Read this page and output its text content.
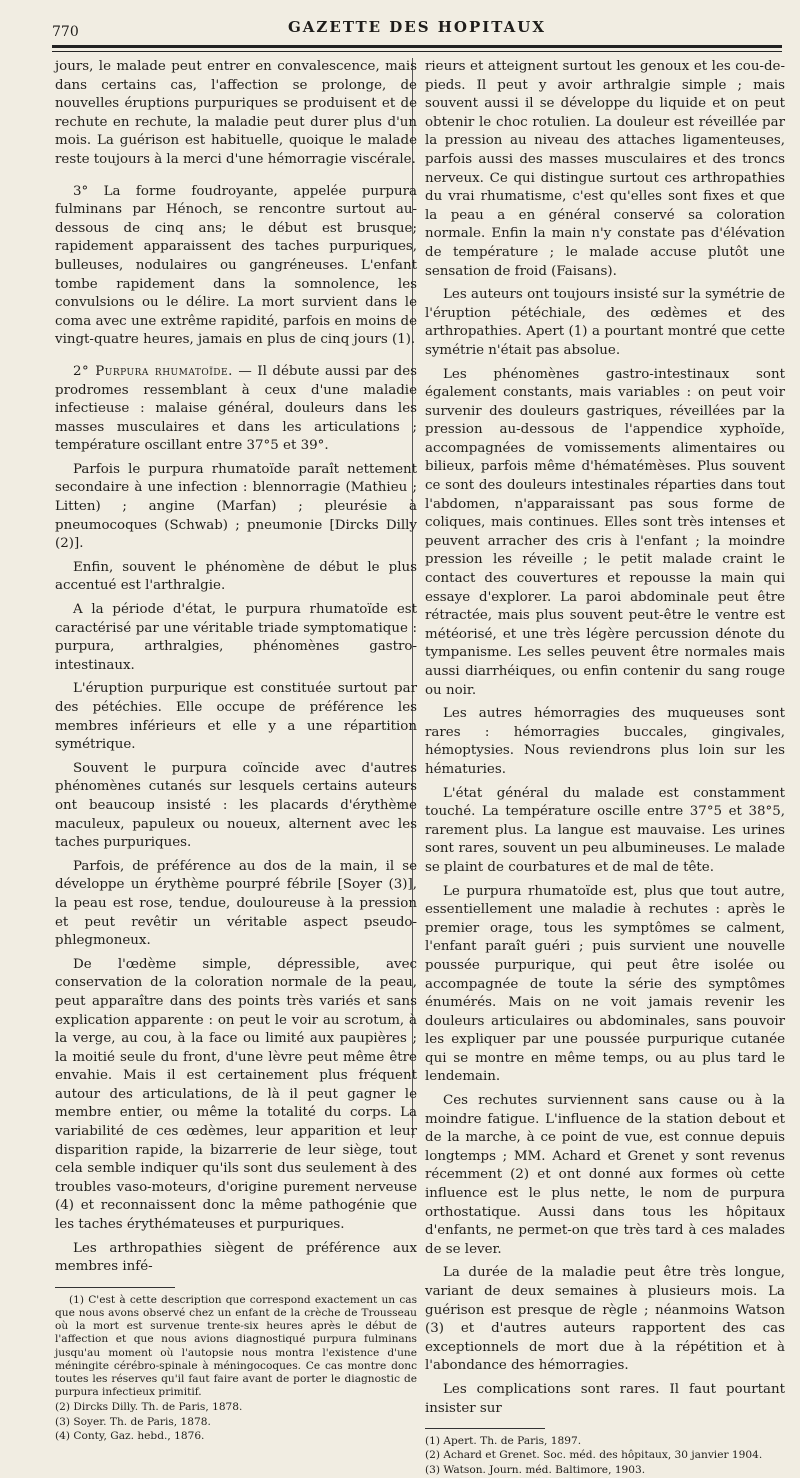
770	GAZETTE DES HOPITAUX

jours, le malade peut entrer en convalescence, mais dans certains cas, l'affection se prolonge, de nouvelles éruptions purpuriques se produisent et de rechute en rechute, la maladie peut durer plus d'un mois. La guérison est habituelle, quoique le malade reste toujours à la merci d'une hémorragie viscérale.

3° La forme foudroyante, appelée purpura fulminans par Hénoch, se rencontre surtout au-dessous de cinq ans; le début est brusque; rapidement apparaissent des taches purpuriques, bulleuses, nodulaires ou gangréneuses. L'enfant tombe rapidement dans la somnolence, les convulsions ou le délire. La mort survient dans le coma avec une extrême rapidité, parfois en moins de vingt-quatre heures, jamais en plus de cinq jours (1).

2° Purpura rhumatoïde. — Il débute aussi par des prodromes ressemblant à ceux d'une maladie infectieuse : malaise général, douleurs dans les masses musculaires et dans les articulations ; température oscillant entre 37°5 et 39°.

Parfois le purpura rhumatoïde paraît nettement secondaire à une infection : blennorragie (Mathieu ; Litten) ; angine (Marfan) ; pleurésie à pneumocoques (Schwab) ; pneumonie [Dircks Dilly (2)].

Enfin, souvent le phénomène de début le plus accentué est l'arthralgie.

A la période d'état, le purpura rhumatoïde est caractérisé par une véritable triade symptomatique : purpura, arthralgies, phénomènes gastro-intestinaux.

L'éruption purpurique est constituée surtout par des pétéchies. Elle occupe de préférence les membres inférieurs et elle y a une répartition symétrique.

Souvent le purpura coïncide avec d'autres phénomènes cutanés sur lesquels certains auteurs ont beaucoup insisté : les placards d'érythème maculeux, papuleux ou noueux, alternent avec les taches purpuriques.

Parfois, de préférence au dos de la main, il se développe un érythème pourpré fébrile [Soyer (3)], la peau est rose, tendue, douloureuse à la pression et peut revêtir un véritable aspect pseudo-phlegmoneux.

De l'œdème simple, dépressible, avec conservation de la coloration normale de la peau, peut apparaître dans des points très variés et sans explication apparente : on peut le voir au scrotum, à la verge, au cou, à la face ou limité aux paupières ; la moitié seule du front, d'une lèvre peut même être envahie. Mais il est certainement plus fréquent autour des articulations, de là il peut gagner le membre entier, ou même la totalité du corps. La variabilité de ces œdèmes, leur apparition et leur disparition rapide, la bizarrerie de leur siège, tout cela semble indiquer qu'ils sont dus seulement à des troubles vaso-moteurs, d'origine purement nerveuse (4) et reconnaissent donc la même pathogénie que les taches érythémateuses et purpuriques.

Les arthropathies siègent de préférence aux membres infé-

(1) C'est à cette description que correspond exactement un cas que nous avons observé chez un enfant de la crèche de Trousseau où la mort est survenue trente-six heures après le début de l'affection et que nous avions diagnostiqué purpura fulminans jusqu'au moment où l'autopsie nous montra l'existence d'une méningite cérébro-spinale à méningocoques. Ce cas montre donc toutes les réserves qu'il faut faire avant de porter le diagnostic de purpura infectieux primitif.
(2) Dircks Dilly. Th. de Paris, 1878.
(3) Soyer. Th. de Paris, 1878.
(4) Conty, Gaz. hebd., 1876.

rieurs et atteignent surtout les genoux et les cou-de-pieds. Il peut y avoir arthralgie simple ; mais souvent aussi il se développe du liquide et on peut obtenir le choc rotulien. La douleur est réveillée par la pression au niveau des attaches ligamenteuses, parfois aussi des masses musculaires et des troncs nerveux. Ce qui distingue surtout ces arthropathies du vrai rhumatisme, c'est qu'elles sont fixes et que la peau a en général conservé sa coloration normale. Enfin la main n'y constate pas d'élévation de température ; le malade accuse plutôt une sensation de froid (Faisans).

Les auteurs ont toujours insisté sur la symétrie de l'éruption pétéchiale, des œdèmes et des arthropathies. Apert (1) a pourtant montré que cette symétrie n'était pas absolue.

Les phénomènes gastro-intestinaux sont également constants, mais variables : on peut voir survenir des douleurs gastriques, réveillées par la pression au-dessous de l'appendice xyphoïde, accompagnées de vomissements alimentaires ou bilieux, parfois même d'hématémèses. Plus souvent ce sont des douleurs intestinales réparties dans tout l'abdomen, n'apparaissant pas sous forme de coliques, mais continues. Elles sont très intenses et peuvent arracher des cris à l'enfant ; la moindre pression les réveille ; le petit malade craint le contact des couvertures et repousse la main qui essaye d'explorer. La paroi abdominale peut être rétractée, mais plus souvent peut-être le ventre est météorisé, et une très légère percussion dénote du tympanisme. Les selles peuvent être normales mais aussi diarrhéiques, ou enfin contenir du sang rouge ou noir.

Les autres hémorragies des muqueuses sont rares : hémorragies buccales, gingivales, hémoptysies. Nous reviendrons plus loin sur les hématuries.

L'état général du malade est constamment touché. La température oscille entre 37°5 et 38°5, rarement plus. La langue est mauvaise. Les urines sont rares, souvent un peu albumineuses. Le malade se plaint de courbatures et de mal de tête.

Le purpura rhumatoïde est, plus que tout autre, essentiellement une maladie à rechutes : après le premier orage, tous les symptômes se calment, l'enfant paraît guéri ; puis survient une nouvelle poussée purpurique, qui peut être isolée ou accompagnée de toute la série des symptômes énumérés. Mais on ne voit jamais revenir les douleurs articulaires ou abdominales, sans pouvoir les expliquer par une poussée purpurique cutanée qui se montre en même temps, ou au plus tard le lendemain.

Ces rechutes surviennent sans cause ou à la moindre fatigue. L'influence de la station debout et de la marche, à ce point de vue, est connue depuis longtemps ; MM. Achard et Grenet y sont revenus récemment (2) et ont donné aux formes où cette influence est le plus nette, le nom de purpura orthostatique. Aussi dans tous les hôpitaux d'enfants, ne permet-on que très tard à ces malades de se lever.

La durée de la maladie peut être très longue, variant de deux semaines à plusieurs mois. La guérison est presque de règle ; néanmoins Watson (3) et d'autres auteurs rapportent des cas exceptionnels de mort due à la répétition et à l'abondance des hémorragies.

Les complications sont rares. Il faut pourtant insister sur

(1) Apert. Th. de Paris, 1897.
(2) Achard et Grenet. Soc. méd. des hôpitaux, 30 janvier 1904.
(3) Watson. Journ. méd. Baltimore, 1903.
